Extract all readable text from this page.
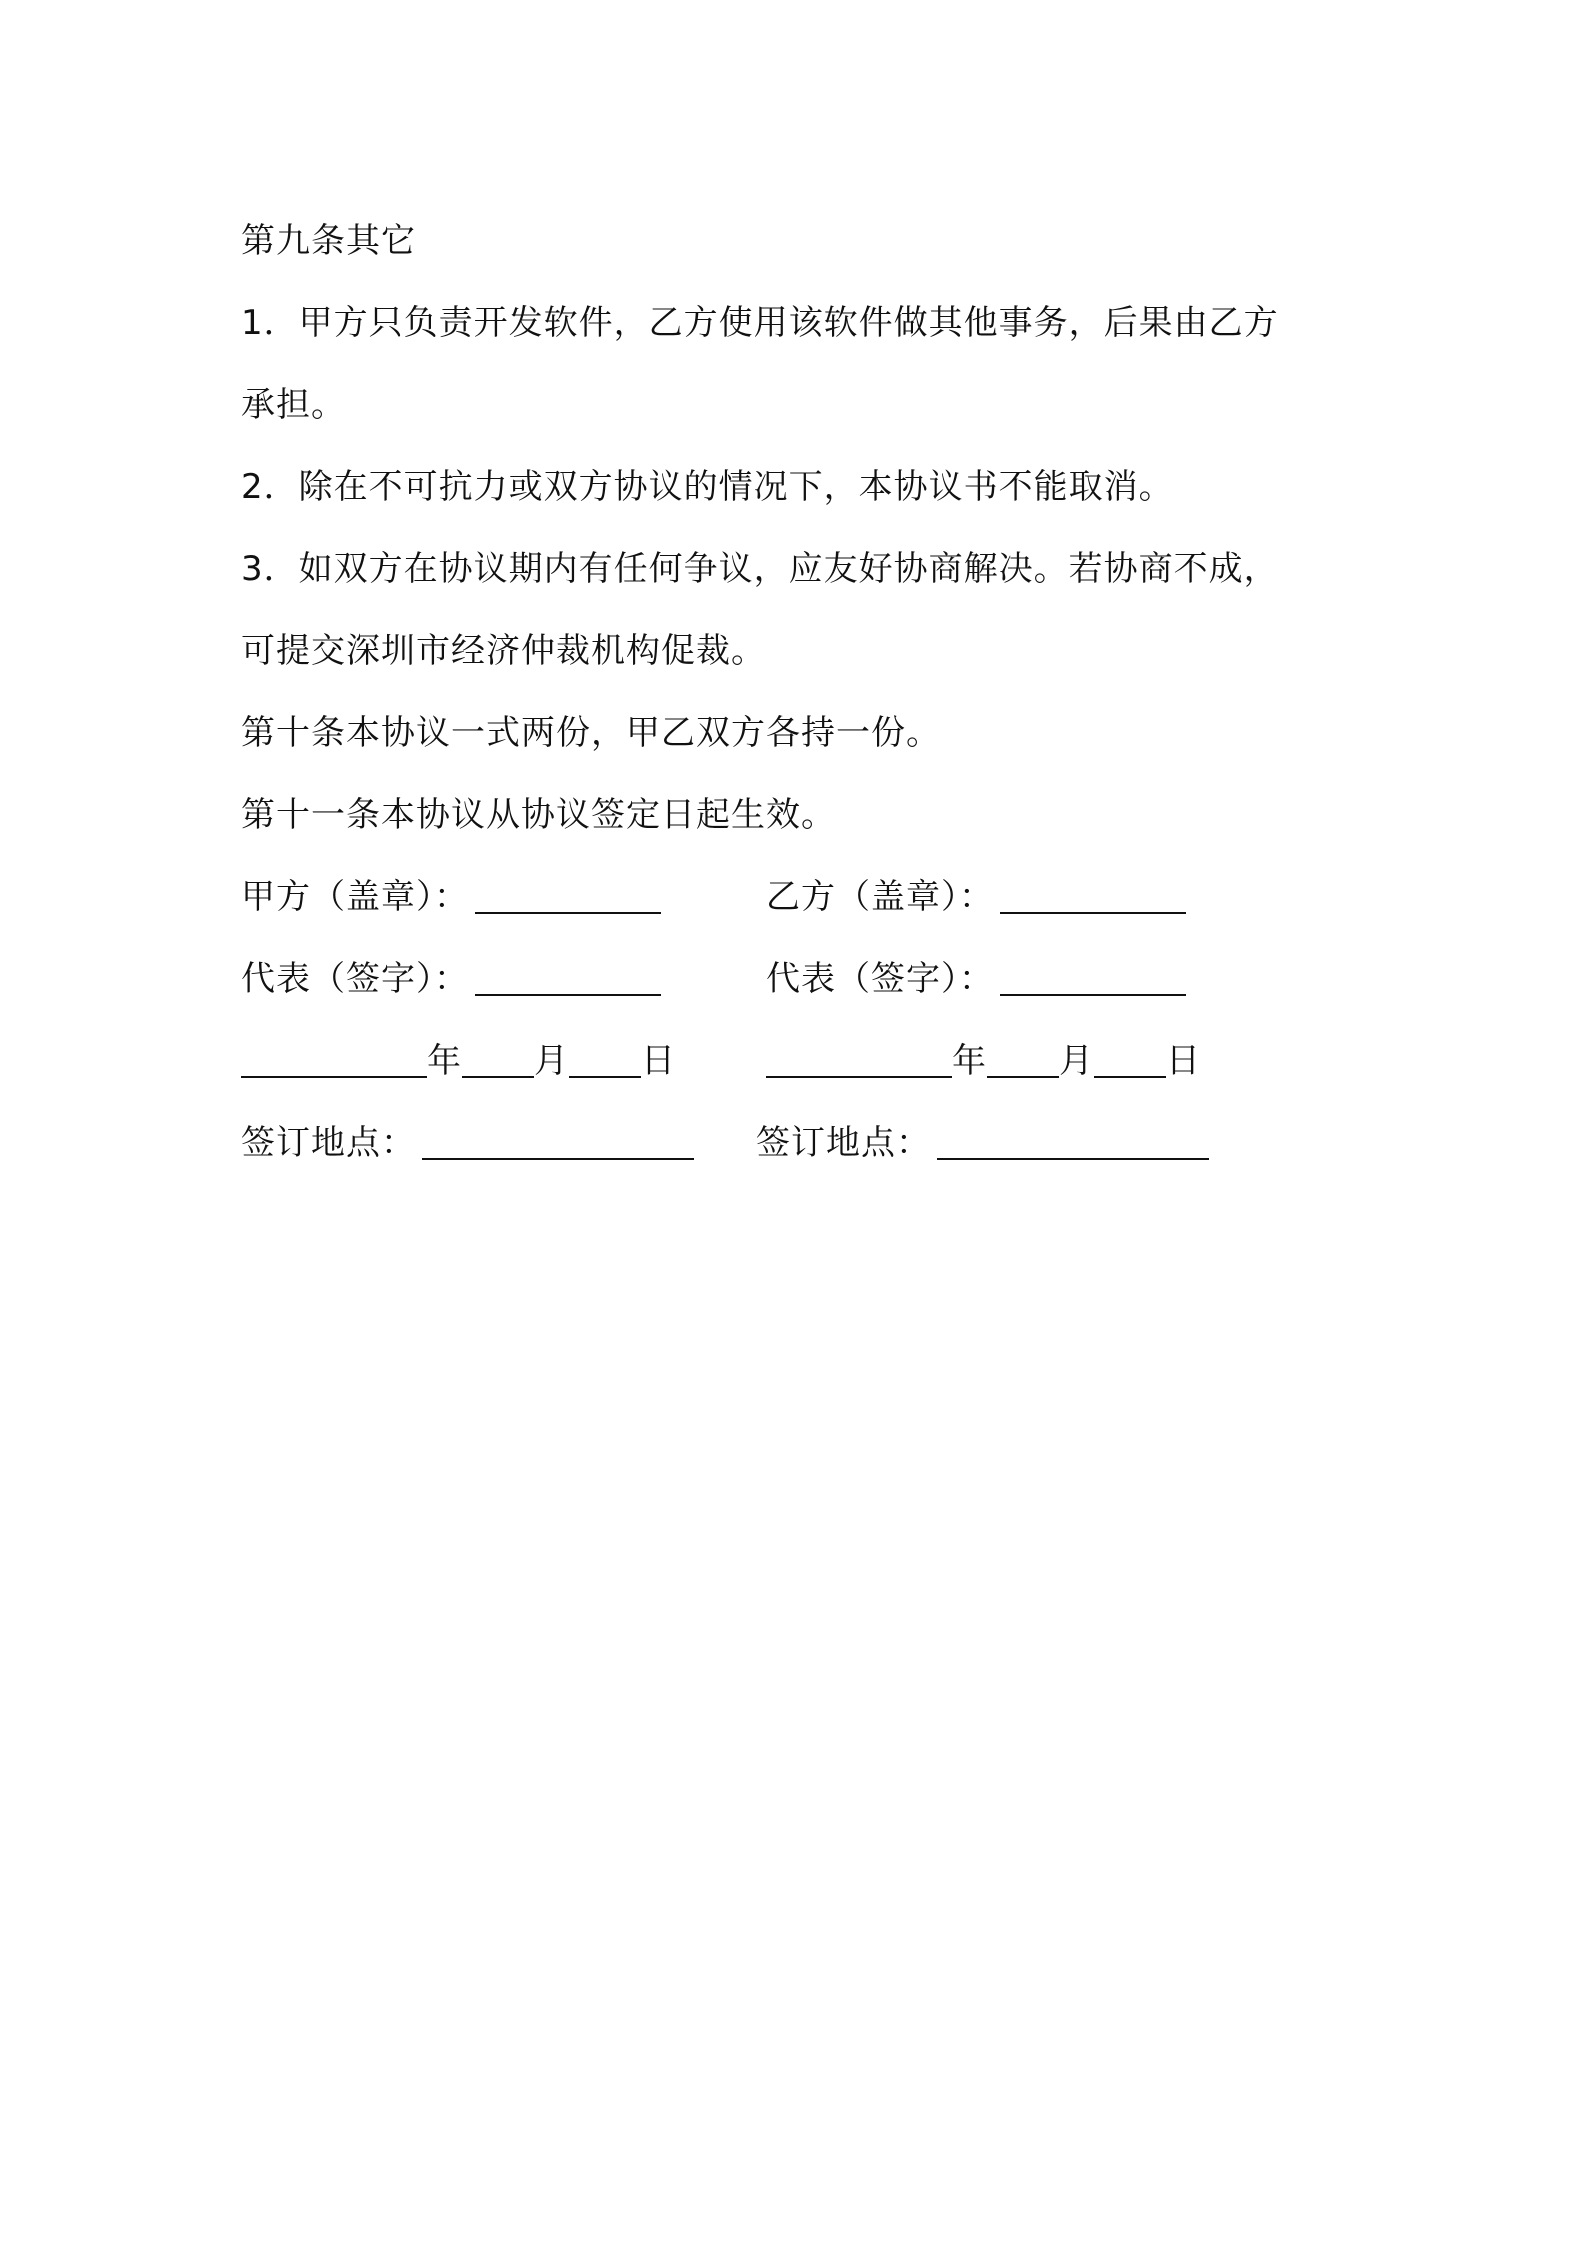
第九条其它
1．甲方只负责开发软件，乙方使用该软件做其他事务，后果由乙方
承担。
2．除在不可抗力或双方协议的情况下，本协议书不能取消。
3．如双方在协议期内有任何争议，应友好协商解决。若协商不成，
可提交深圳市经济仲裁机构促裁。
第十条本协议一式两份，甲乙双方各持一份。
第十一条本协议从协议签定日起生效。
甲方（盖章）：	乙方（盖章）：
代表（签字）：	代表（签字）：
年 月 日	年 月 日
签订地点：	签订地点：
